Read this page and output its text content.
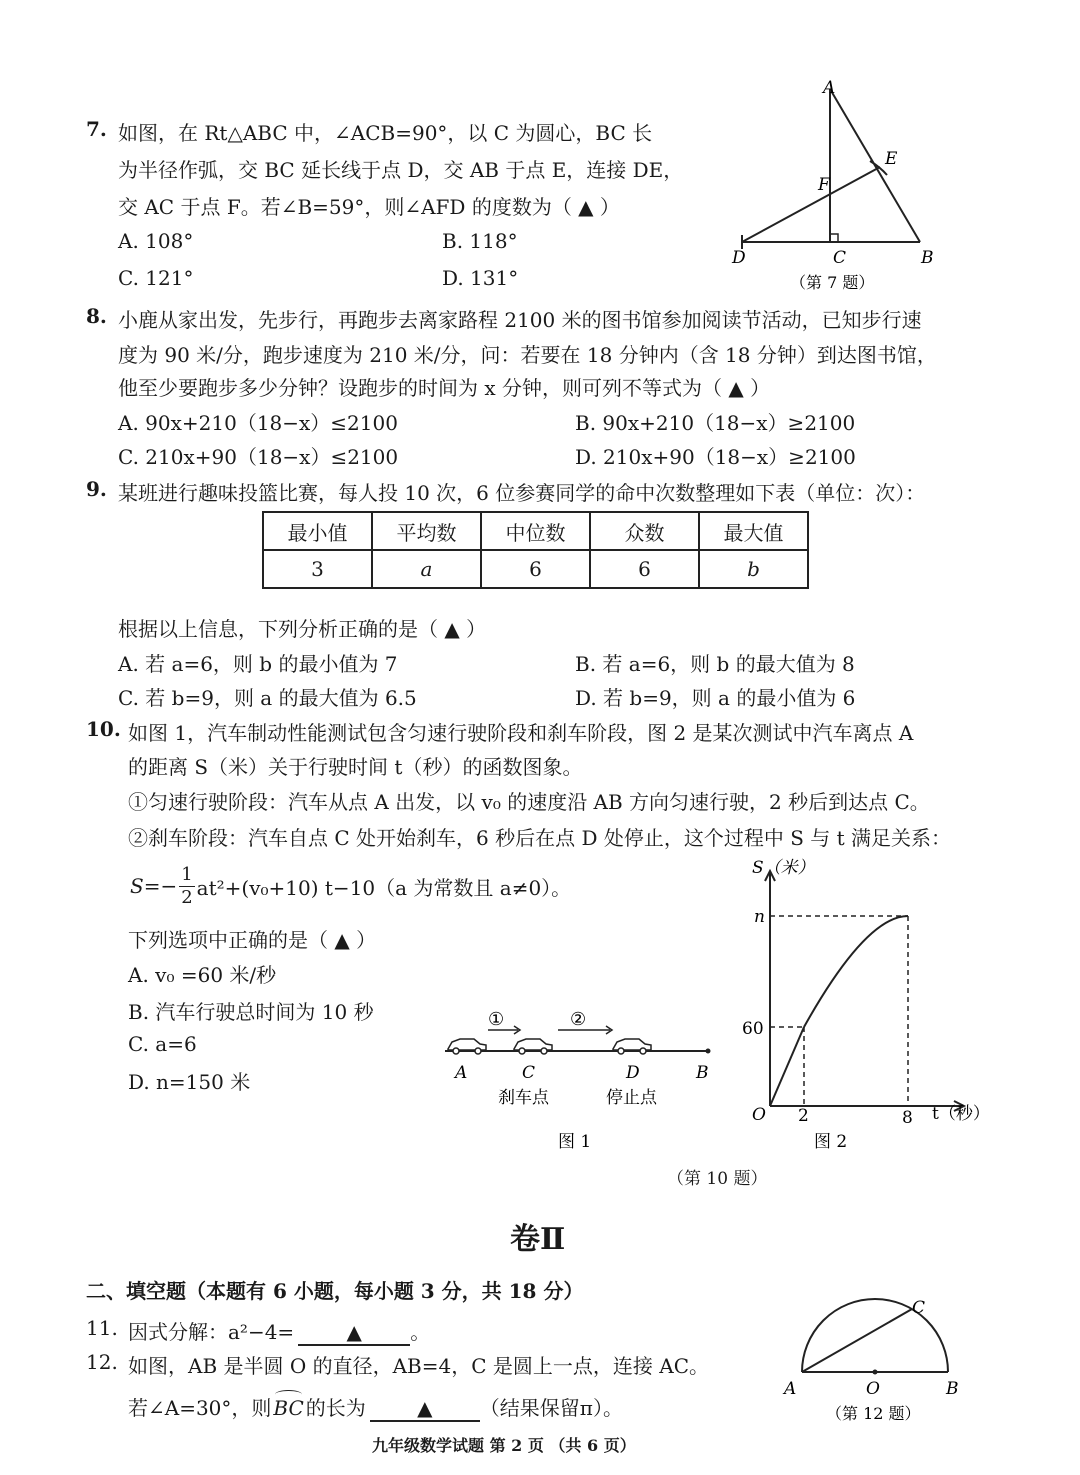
7. 如图，在 Rt△ABC 中，∠ACB=90°，以 C 为圆心，BC 长
为半径作弧，交 BC 延长线于点 D，交 AB 于点 E，连接 DE，
交 AC 于点 F。若∠B=59°，则∠AFD 的度数为（ ▲ ）
A. 108°	B. 118°
C. 121°	D. 131°
A
E
F
D	C	B
（第 7 题）
8. 小鹿从家出发，先步行，再跑步去离家路程 2100 米的图书馆参加阅读节活动，已知步行速
度为 90 米/分，跑步速度为 210 米/分，问：若要在 18 分钟内（含 18 分钟）到达图书馆，
他至少要跑步多少分钟？设跑步的时间为 x 分钟，则可列不等式为（ ▲ ）
A. 90x+210（18−x）≤2100	B. 90x+210（18−x）≥2100
C. 210x+90（18−x）≤2100	D. 210x+90（18−x）≥2100
9. 某班进行趣味投篮比赛，每人投 10 次，6 位参赛同学的命中次数整理如下表（单位：次）：
最小值	平均数	中位数	众数	最大值
3	a	6	6	b
根据以上信息，下列分析正确的是（ ▲ ）
A. 若 a=6，则 b 的最小值为 7	B. 若 a=6，则 b 的最大值为 8
C. 若 b=9，则 a 的最大值为 6.5	D. 若 b=9，则 a 的最小值为 6
10. 如图 1，汽车制动性能测试包含匀速行驶阶段和刹车阶段，图 2 是某次测试中汽车离点 A
的距离 S（米）关于行驶时间 t（秒）的函数图象。
①匀速行驶阶段：汽车从点 A 出发，以 v₀ 的速度沿 AB 方向匀速行驶，2 秒后到达点 C。
②刹车阶段：汽车自点 C 处开始刹车，6 秒后在点 D 处停止，这个过程中 S 与 t 满足关系：
$S=- \frac{1}{2} at^2+(v_0+10)$ t−10（a 为常数且 a≠0）。
下列选项中正确的是（ ▲ ）
A. v₀ =60 米/秒
B. 汽车行驶总时间为 10 秒
C. a=6
D. n=150 米
①	②
A	C	D	B
刹车点	停止点
图 1
S（米）
t（秒）
O
n
60
2	8
图 2
（第 10 题）
卷Ⅱ
二、填空题（本题有 6 小题，每小题 3 分，共 18 分）
11. 因式分解：a²−4=	▲	。
12. 如图，AB 是半圆 O 的直径，AB=4，C 是圆上一点，连接 AC。
若∠A=30°，则 BC 的长为	▲	（结果保留π）。
A	O	B
C
（第 12 题）
九年级数学试题 第 2 页 （共 6 页）
